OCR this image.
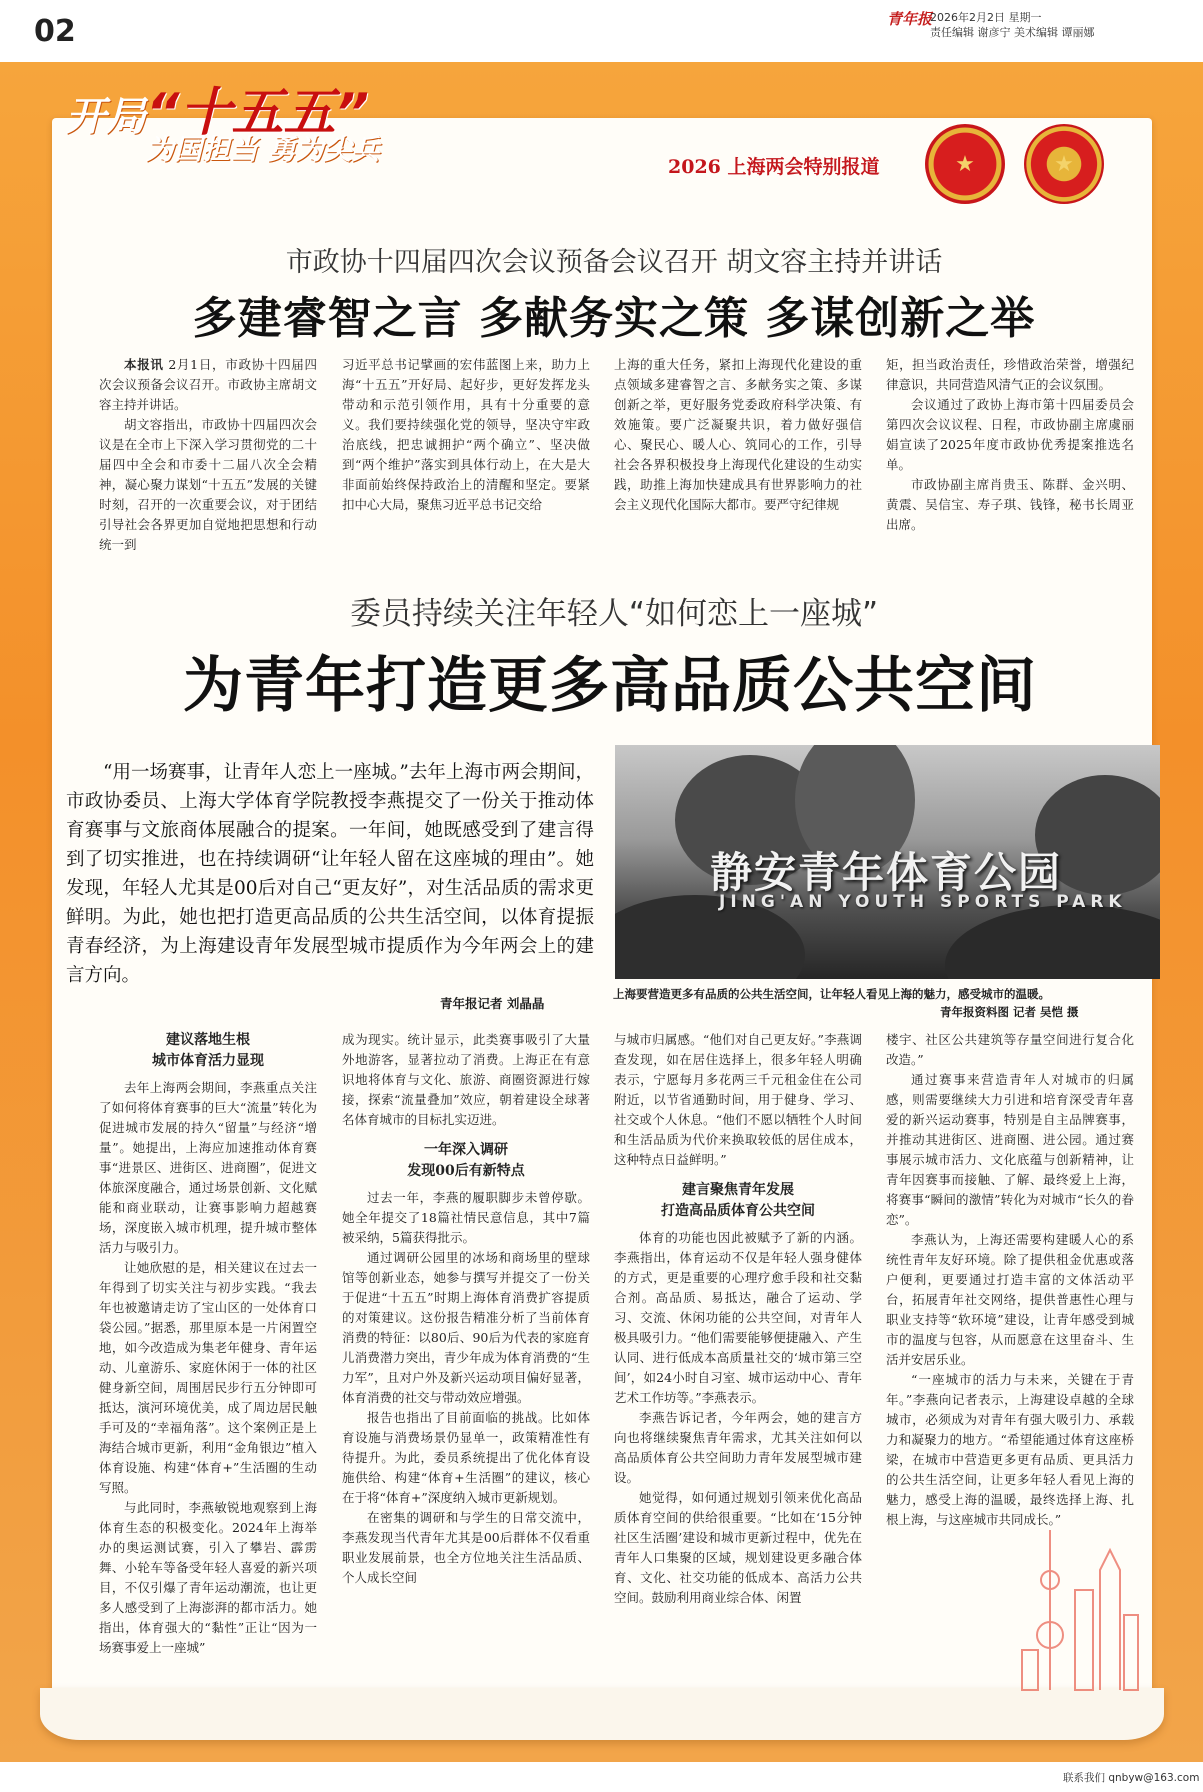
02	青年报
2026年2月2日 星期一
责任编辑 谢彦宁 美术编辑 谭丽娜
开局“十五五”
为国担当 勇为尖兵
2026 上海两会特别报道	★	★
市政协十四届四次会议预备会议召开 胡文容主持并讲话
多建睿智之言 多献务实之策 多谋创新之举

本报讯 2月1日，市政协十四届四次会议预备会议召开。市政协主席胡文容主持并讲话。

胡文容指出，市政协十四届四次会议是在全市上下深入学习贯彻党的二十届四中全会和市委十二届八次全会精神，凝心聚力谋划“十五五”发展的关键时刻，召开的一次重要会议，对于团结引导社会各界更加自觉地把思想和行动统一到

习近平总书记擘画的宏伟蓝图上来，助力上海“十五五”开好局、起好步，更好发挥龙头带动和示范引领作用，具有十分重要的意义。我们要持续强化党的领导，坚决守牢政治底线，把忠诚拥护“两个确立”、坚决做到“两个维护”落实到具体行动上，在大是大非面前始终保持政治上的清醒和坚定。要紧扣中心大局，聚焦习近平总书记交给

上海的重大任务，紧扣上海现代化建设的重点领域多建睿智之言、多献务实之策、多谋创新之举，更好服务党委政府科学决策、有效施策。要广泛凝聚共识，着力做好强信心、聚民心、暖人心、筑同心的工作，引导社会各界积极投身上海现代化建设的生动实践，助推上海加快建成具有世界影响力的社会主义现代化国际大都市。要严守纪律规

矩，担当政治责任，珍惜政治荣誉，增强纪律意识，共同营造风清气正的会议氛围。

会议通过了政协上海市第十四届委员会第四次会议议程、日程，市政协副主席虞丽娟宣读了2025年度市政协优秀提案推选名单。

市政协副主席肖贵玉、陈群、金兴明、黄震、吴信宝、寿子琪、钱锋，秘书长周亚出席。

委员持续关注年轻人“如何恋上一座城”
为青年打造更多高品质公共空间
“用一场赛事，让青年人恋上一座城。”去年上海市两会期间，市政协委员、上海大学体育学院教授李燕提交了一份关于推动体育赛事与文旅商体展融合的提案。一年间，她既感受到了建言得到了切实推进，也在持续调研“让年轻人留在这座城的理由”。她发现，年轻人尤其是00后对自己“更友好”，对生活品质的需求更鲜明。为此，她也把打造更高品质的公共生活空间，以体育提振青春经济，为上海建设青年发展型城市提质作为今年两会上的建言方向。
青年报记者 刘晶晶
静安青年体育公园
JING'AN YOUTH SPORTS PARK
上海要营造更多有品质的公共生活空间，让年轻人看见上海的魅力，感受城市的温暖。
青年报资料图 记者 吴恺 摄
建议落地生根
城市体育活力显现

去年上海两会期间，李燕重点关注了如何将体育赛事的巨大“流量”转化为促进城市发展的持久“留量”与经济“增量”。她提出，上海应加速推动体育赛事“进景区、进街区、进商圈”，促进文体旅深度融合，通过场景创新、文化赋能和商业联动，让赛事影响力超越赛场，深度嵌入城市机理，提升城市整体活力与吸引力。

让她欣慰的是，相关建议在过去一年得到了切实关注与初步实践。“我去年也被邀请走访了宝山区的一处体育口袋公园。”据悉，那里原本是一片闲置空地，如今改造成为集老年健身、青年运动、儿童游乐、家庭休闲于一体的社区健身新空间，周围居民步行五分钟即可抵达，演河环境优美，成了周边居民触手可及的“幸福角落”。这个案例正是上海结合城市更新，利用“金角银边”植入体育设施、构建“体育+”生活圈的生动写照。

与此同时，李燕敏锐地观察到上海体育生态的积极变化。2024年上海举办的奥运测试赛，引入了攀岩、霹雳舞、小轮车等备受年轻人喜爱的新兴项目，不仅引爆了青年运动潮流，也让更多人感受到了上海澎湃的都市活力。她指出，体育强大的“黏性”正让“因为一场赛事爱上一座城”

成为现实。统计显示，此类赛事吸引了大量外地游客，显著拉动了消费。上海正在有意识地将体育与文化、旅游、商圈资源进行嫁接，探索“流量叠加”效应，朝着建设全球著名体育城市的目标扎实迈进。

一年深入调研
发现00后有新特点

过去一年，李燕的履职脚步未曾停歇。她全年提交了18篇社情民意信息，其中7篇被采纳，5篇获得批示。

通过调研公园里的冰场和商场里的壁球馆等创新业态，她参与撰写并提交了一份关于促进“十五五”时期上海体育消费扩容提质的对策建议。这份报告精准分析了当前体育消费的特征：以80后、90后为代表的家庭育儿消费潜力突出，青少年成为体育消费的“生力军”，且对户外及新兴运动项目偏好显著，体育消费的社交与带动效应增强。

报告也指出了目前面临的挑战。比如体育设施与消费场景仍显单一，政策精准性有待提升。为此，委员系统提出了优化体育设施供给、构建“体育+生活圈”的建议，核心在于将“体育+”深度纳入城市更新规划。

在密集的调研和与学生的日常交流中，李燕发现当代青年尤其是00后群体不仅看重职业发展前景，也全方位地关注生活品质、个人成长空间

与城市归属感。“他们对自己更友好。”李燕调查发现，如在居住选择上，很多年轻人明确表示，宁愿每月多花两三千元租金住在公司附近，以节省通勤时间，用于健身、学习、社交或个人休息。“他们不愿以牺牲个人时间和生活品质为代价来换取较低的居住成本，这种特点日益鲜明。”

建言聚焦青年发展
打造高品质体育公共空间

体育的功能也因此被赋予了新的内涵。李燕指出，体育运动不仅是年轻人强身健体的方式，更是重要的心理疗愈手段和社交黏合剂。高品质、易抵达，融合了运动、学习、交流、休闲功能的公共空间，对青年人极具吸引力。“他们需要能够便捷融入、产生认同、进行低成本高质量社交的‘城市第三空间’，如24小时自习室、城市运动中心、青年艺术工作坊等。”李燕表示。

李燕告诉记者，今年两会，她的建言方向也将继续聚焦青年需求，尤其关注如何以高品质体育公共空间助力青年发展型城市建设。

她觉得，如何通过规划引领来优化高品质体育空间的供给很重要。“比如在‘15分钟社区生活圈’建设和城市更新过程中，优先在青年人口集聚的区域，规划建设更多融合体育、文化、社交功能的低成本、高活力公共空间。鼓励利用商业综合体、闲置

楼宇、社区公共建筑等存量空间进行复合化改造。”

通过赛事来营造青年人对城市的归属感，则需要继续大力引进和培育深受青年喜爱的新兴运动赛事，特别是自主品牌赛事，并推动其进街区、进商圈、进公园。通过赛事展示城市活力、文化底蕴与创新精神，让青年因赛事而接触、了解、最终爱上上海，将赛事“瞬间的激情”转化为对城市“长久的眷恋”。

李燕认为，上海还需要构建暖人心的系统性青年友好环境。除了提供租金优惠或落户便利，更要通过打造丰富的文体活动平台，拓展青年社交网络，提供普惠性心理与职业支持等“软环境”建设，让青年感受到城市的温度与包容，从而愿意在这里奋斗、生活并安居乐业。

“一座城市的活力与未来，关键在于青年。”李燕向记者表示，上海建设卓越的全球城市，必须成为对青年有强大吸引力、承载力和凝聚力的地方。“希望能通过体育这座桥梁，在城市中营造更多更有品质、更具活力的公共生活空间，让更多年轻人看见上海的魅力，感受上海的温暖，最终选择上海、扎根上海，与这座城市共同成长。”

联系我们 qnbyw@163.com
